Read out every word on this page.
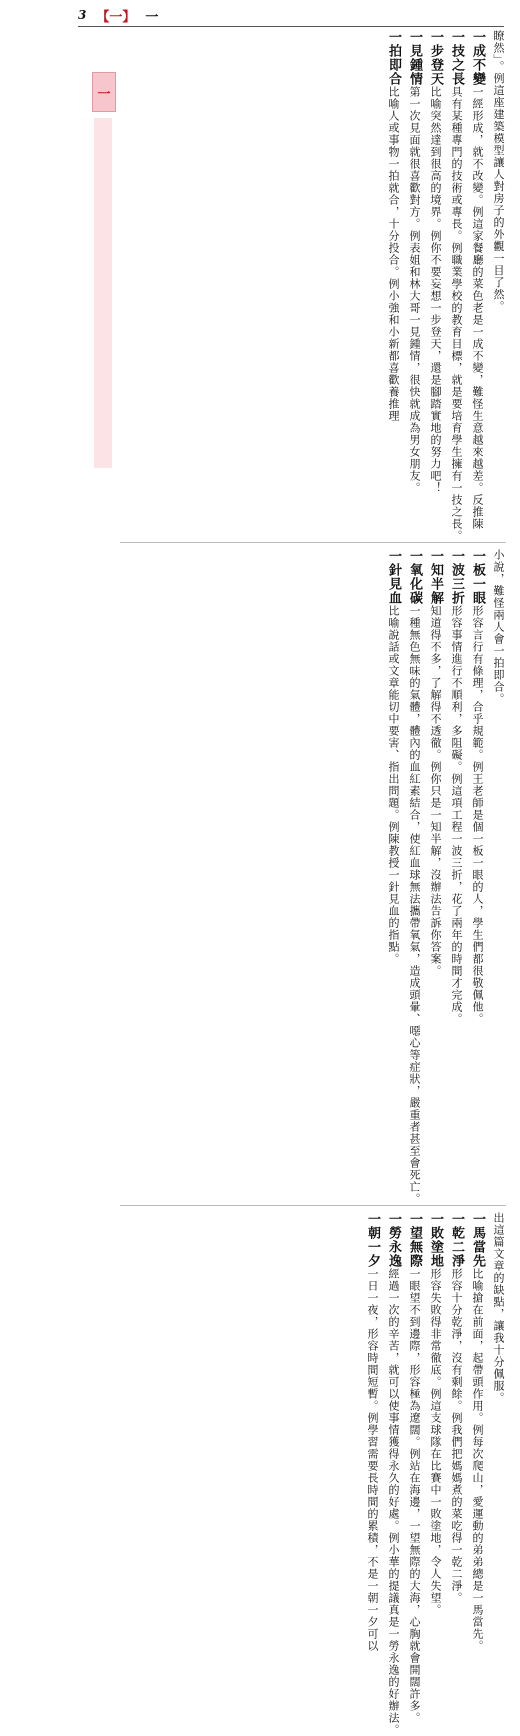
3 【一】 一
一	瞭然」。例這座建築模型讓人對房子的外觀一目了然。
一成不變一經形成，就不改變。例這家餐廳的菜色老是一成不變，難怪生意越來越差。反推陳
一技之長具有某種專門的技術或專長。例職業學校的教育目標，就是要培育學生擁有一技之長。
一步登天比喻突然達到很高的境界。例你不要妄想一步登天，還是腳踏實地的努力吧！
一見鍾情第一次見面就很喜歡對方。例表姐和林大哥一見鍾情，很快就成為男女朋友。
一拍即合比喻人或事物一拍就合，十分投合。例小強和小新都喜歡養推理
小說，難怪兩人會一拍即合。
一板一眼形容言行有條理，合乎規範。例王老師是個一板一眼的人，學生們都很敬佩他。
一波三折形容事情進行不順利，多阻礙。例這項工程一波三折，花了兩年的時間才完成。
一知半解知道得不多，了解得不透徹。例你只是一知半解，沒辦法告訴你答案。
一氧化碳一種無色無味的氣體，體內的血紅素結合，使紅血球無法攜帶氧氣，造成頭暈、噁心等症狀，嚴重者甚至會死亡。
一針見血比喻說話或文章能切中要害、指出問題。例陳教授一針見血的指點。
出這篇文章的缺點，讓我十分佩服。
一馬當先比喻搶在前面，起帶頭作用。例每次爬山，愛運動的弟弟總是一馬當先。
一乾二淨形容十分乾淨，沒有剩餘。例我們把媽媽煮的菜吃得一乾二淨。
一敗塗地形容失敗得非常徹底。例這支球隊在比賽中一敗塗地，令人失望。
一望無際一眼望不到邊際，形容極為遼闊。例站在海邊，一望無際的大海，心胸就會開闊許多。
一勞永逸經過一次的辛苦，就可以使事情獲得永久的好處。例小華的提議真是一勞永逸的好辦法。
一朝一夕一日一夜，形容時間短暫。例學習需要長時間的累積，不是一朝一夕可以
